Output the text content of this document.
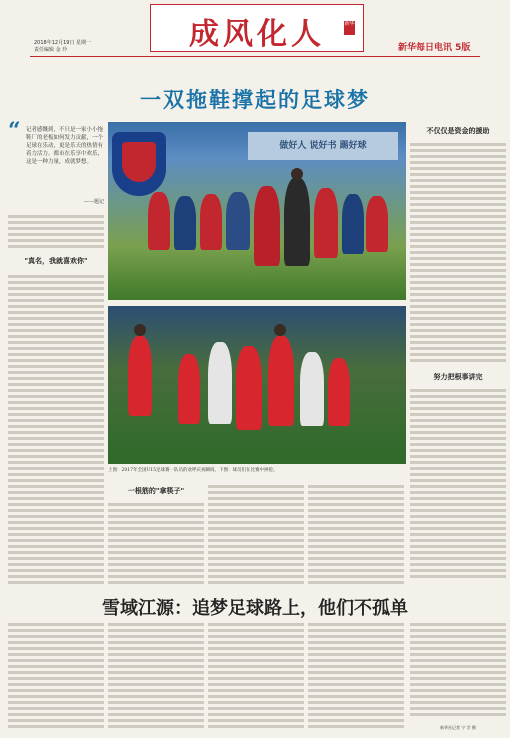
2018年12月19日 星期一
责任编辑 金 玲	成风化人	新华
新华每日电讯 5版
一双拖鞋撑起的足球梦
“ 记者感慨到，不只是一家小小拖鞋厂的老板如何发力贡献，一个足球在乐动，更是乐天的热情有着力活力。都市在乐享中欢乐，这是一种力量，成就梦想。
——题记
"真名，我就喜欢你"
做好人 说好书 踢好球
上图：2017年全国U15足球赛一队员的欢呼庆祝瞬间。下图：球员们在比赛中拼抢。
不仅仅是资金的援助
努力把根事讲完
一根筋的"拿筷子"
雪域江源：追梦足球路上，他们不孤单
新华社记者 宁 学 摄
